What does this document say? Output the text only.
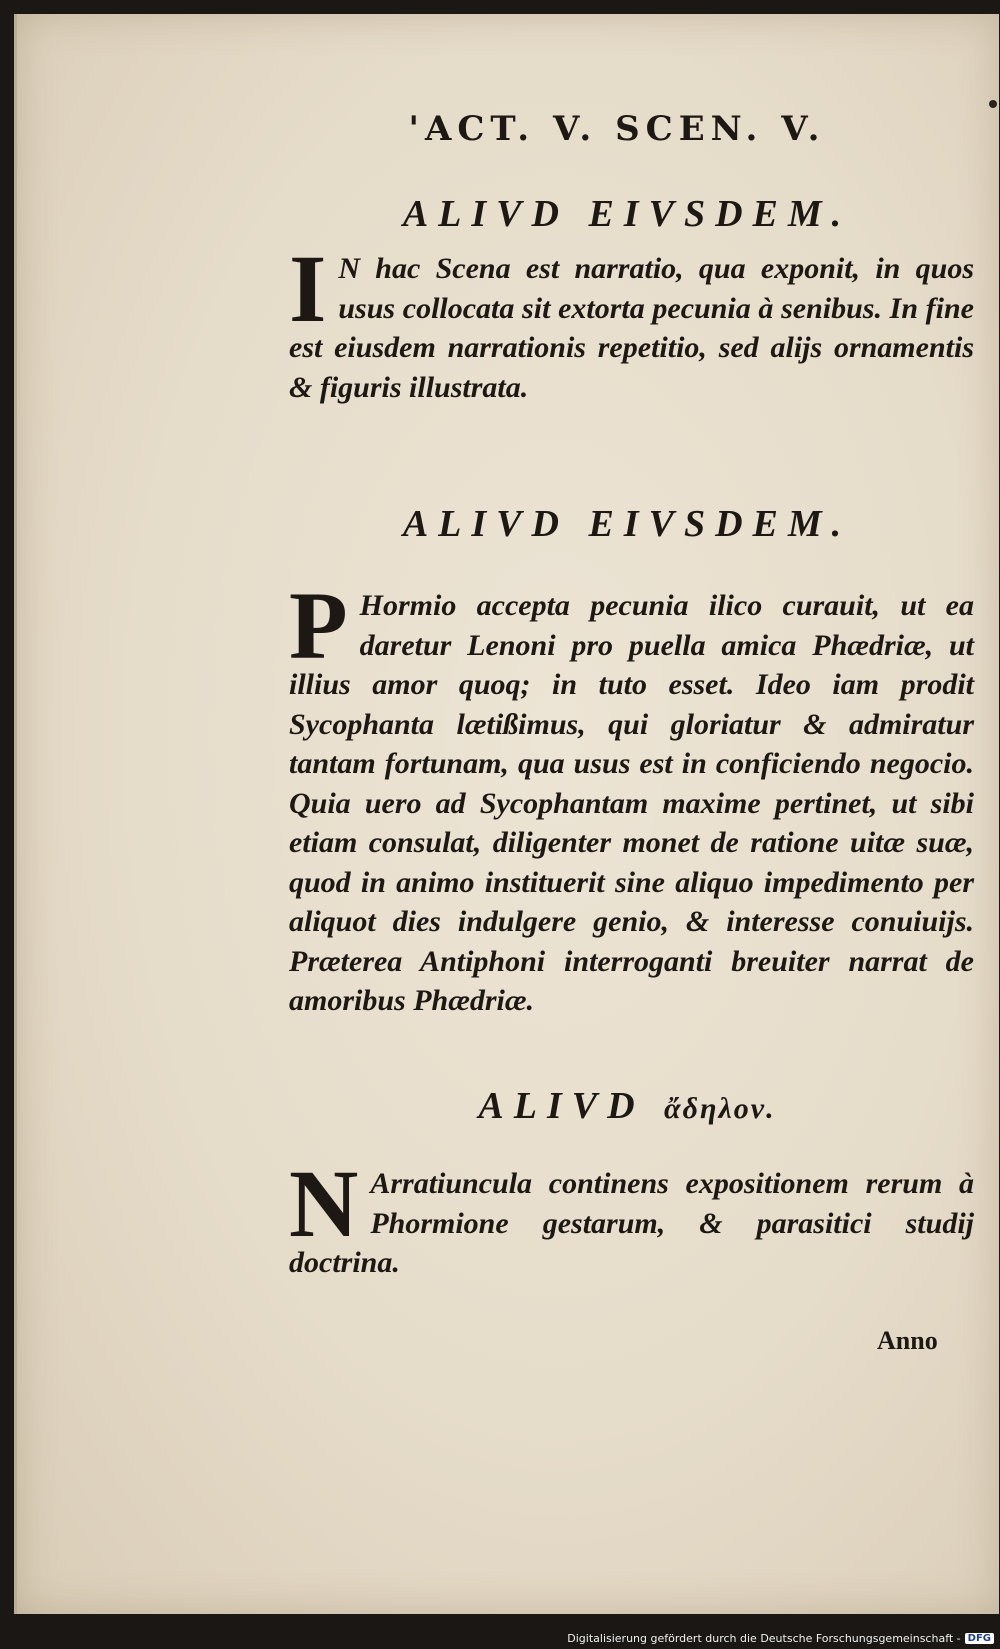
'ACT. V. SCEN. V.
ALIVD EIVSDEM.
I N hac Scena est narratio, qua exponit, in quos usus collocata sit extorta pecunia à senibus. In fine est eiusdem narrationis repetitio, sed alijs ornamentis & figuris illustrata.
ALIVD EIVSDEM.
P Hormio accepta pecunia ilico curauit, ut ea daretur Lenoni pro puella amica Phædriæ, ut illius amor quoq; in tuto esset. Ideo iam prodit Sycophanta lætißimus, qui gloriatur & admiratur tantam fortunam, qua usus est in conficiendo negocio. Quia uero ad Sycophantam maxime pertinet, ut sibi etiam consulat, diligenter monet de ratione uitæ suæ, quod in animo instituerit sine aliquo impedimento per aliquot dies indulgere genio, & interesse conuiuijs. Præterea Antiphoni interroganti breuiter narrat de amoribus Phædriæ.
ALIVD ἄδηλον.
N Arratiuncula continens expositionem rerum à Phormione gestarum, & parasitici studij doctrina.
Anno
Digitalisierung gefördert durch die Deutsche Forschungsgemeinschaft - DFG
